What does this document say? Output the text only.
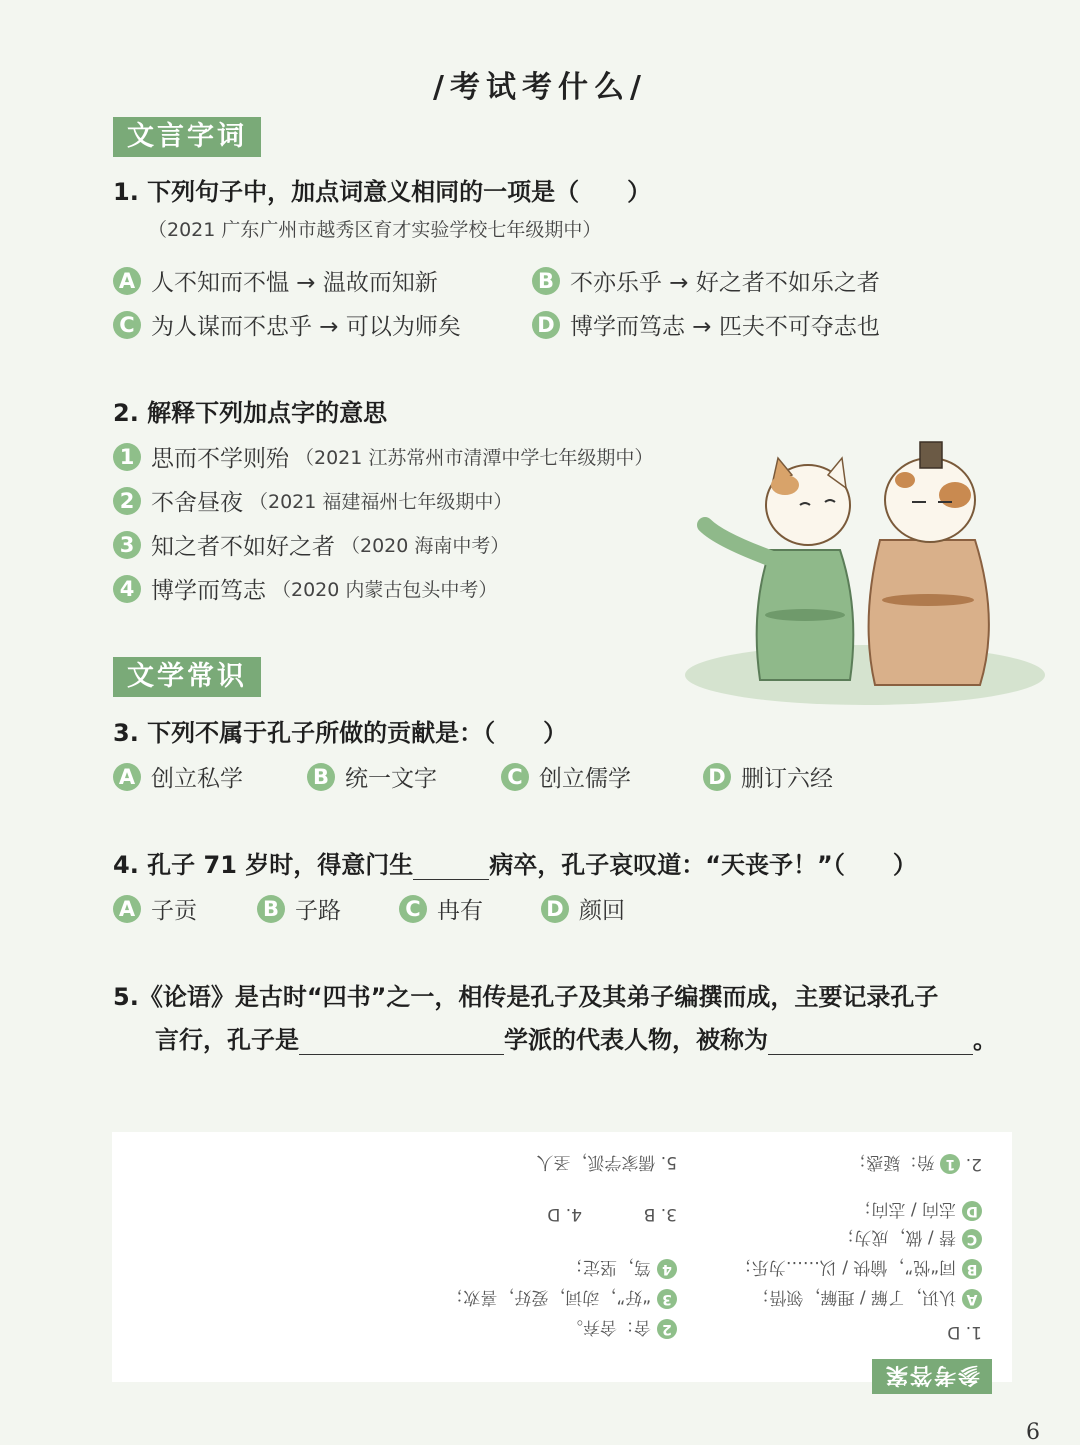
/考试考什么/
文言字词
1. 下列句子中，加点词意义相同的一项是（　　）
（2021 广东广州市越秀区育才实验学校七年级期中）
A 人不知而不愠 → 温故而知新	B 不亦乐乎 → 好之者不如乐之者
C 为人谋而不忠乎 → 可以为师矣	D 博学而笃志 → 匹夫不可夺志也
2. 解释下列加点字的意思
1 思而不学则殆 （2021 江苏常州市清潭中学七年级期中）
2 不舍昼夜 （2021 福建福州七年级期中）
3 知之者不如好之者 （2020 海南中考）
4 博学而笃志 （2020 内蒙古包头中考）
文学常识
3. 下列不属于孔子所做的贡献是：（　　）
A 创立私学	B 统一文字	C 创立儒学	D 删订六经
4. 孔子 71 岁时，得意门生	病卒，孔子哀叹道：“天丧予！”（　　）
A 子贡	B 子路	C 冉有	D 颜回
5.《论语》是古时“四书”之一，相传是孔子及其弟子编撰而成，主要记录孔子
言行，孔子是	学派的代表人物，被称为	。
参考答案
1. D
A
认识，了解 / 理解，领悟；
B
同“悦”，愉快 / 以……为乐；
C
替 / 做，成为；
D
志向 / 志向；
2.

1
殆：疑惑；
2
舍：舍弃。
3
“好”，动词，爱好，喜欢；
4
笃，坚定；
3. B
4. D
5. 儒家学派，圣人
6
